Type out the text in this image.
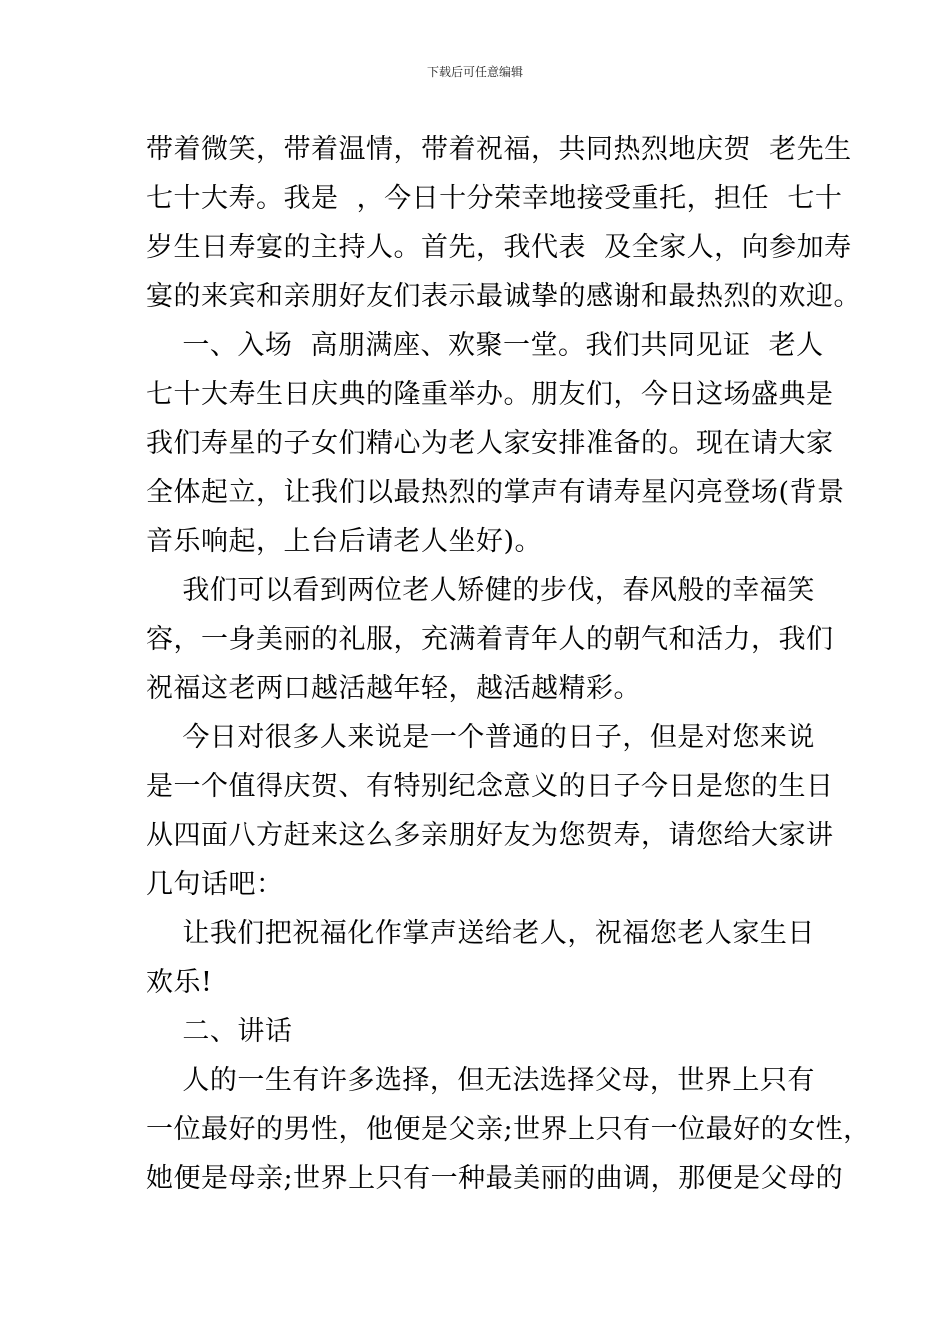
下载后可任意编辑
带着微笑，带着温情，带着祝福，共同热烈地庆贺  老先生
七十大寿。我是  ，今日十分荣幸地接受重托，担任  七十
岁生日寿宴的主持人。首先，我代表  及全家人，向参加寿
宴的来宾和亲朋好友们表示最诚挚的感谢和最热烈的欢迎。
一、入场  高朋满座、欢聚一堂。我们共同见证  老人
七十大寿生日庆典的隆重举办。朋友们，今日这场盛典是
我们寿星的子女们精心为老人家安排准备的。现在请大家
全体起立，让我们以最热烈的掌声有请寿星闪亮登场(背景
音乐响起，上台后请老人坐好)。
我们可以看到两位老人矫健的步伐，春风般的幸福笑
容，一身美丽的礼服，充满着青年人的朝气和活力，我们
祝福这老两口越活越年轻，越活越精彩。
今日对很多人来说是一个普通的日子，但是对您来说
是一个值得庆贺、有特别纪念意义的日子今日是您的生日
从四面八方赶来这么多亲朋好友为您贺寿，请您给大家讲
几句话吧：
让我们把祝福化作掌声送给老人，祝福您老人家生日
欢乐!
二、讲话
人的一生有许多选择，但无法选择父母，世界上只有
一位最好的男性，他便是父亲;世界上只有一位最好的女性，
她便是母亲;世界上只有一种最美丽的曲调，那便是父母的
